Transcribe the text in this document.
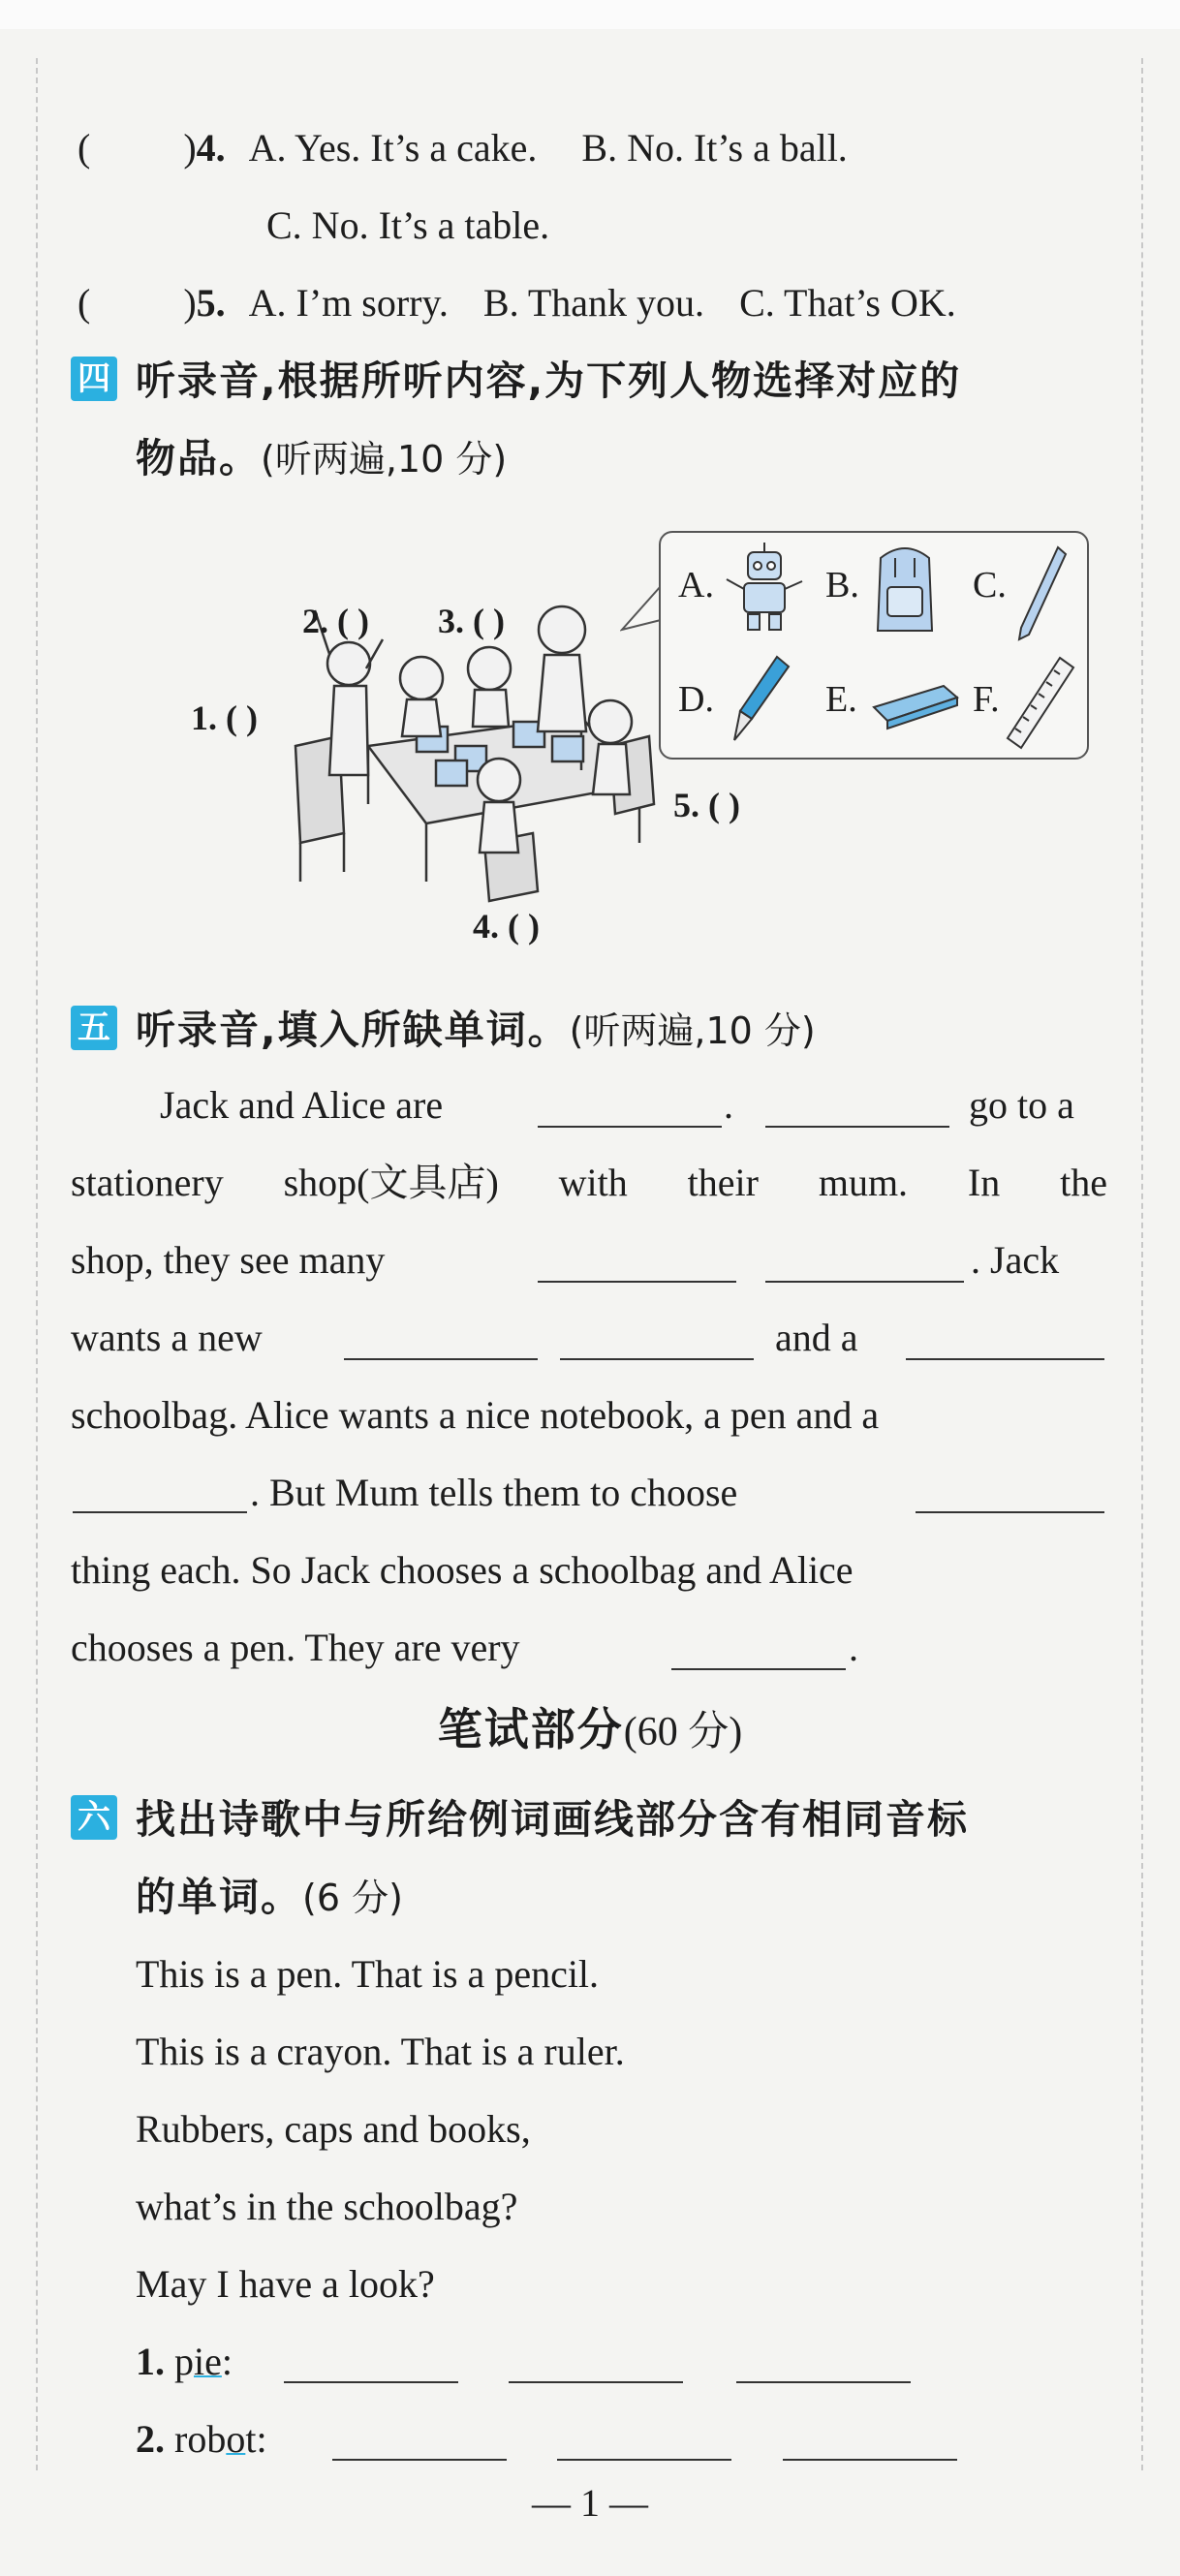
( )4. A. Yes. It’s a cake. B. No. It’s a ball.
C. No. It’s a table.
( )5. A. I’m sorry. B. Thank you. C. That’s OK.
四 听录音,根据所听内容,为下列人物选择对应的
物品。(听两遍,10 分)
1. ( )
2. ( ) 3. ( )
4. ( )
5. ( )
A.	B.	C.
D.	E.	F.
五 听录音,填入所缺单词。(听两遍,10 分)
Jack and Alice are	.	go to a
stationery shop(文具店) with their mum. In the
shop, they see many	. Jack
wants a new	and a
schoolbag. Alice wants a nice notebook, a pen and a
. But Mum tells them to choose
thing each. So Jack chooses a schoolbag and Alice
chooses a pen. They are very	.
笔试部分(60 分)
六 找出诗歌中与所给例词画线部分含有相同音标
的单词。(6 分)
This is a pen. That is a pencil.
This is a crayon. That is a ruler.
Rubbers, caps and books,
what’s in the schoolbag?
May I have a look?
1. pie:
2. robot:
— 1 —
